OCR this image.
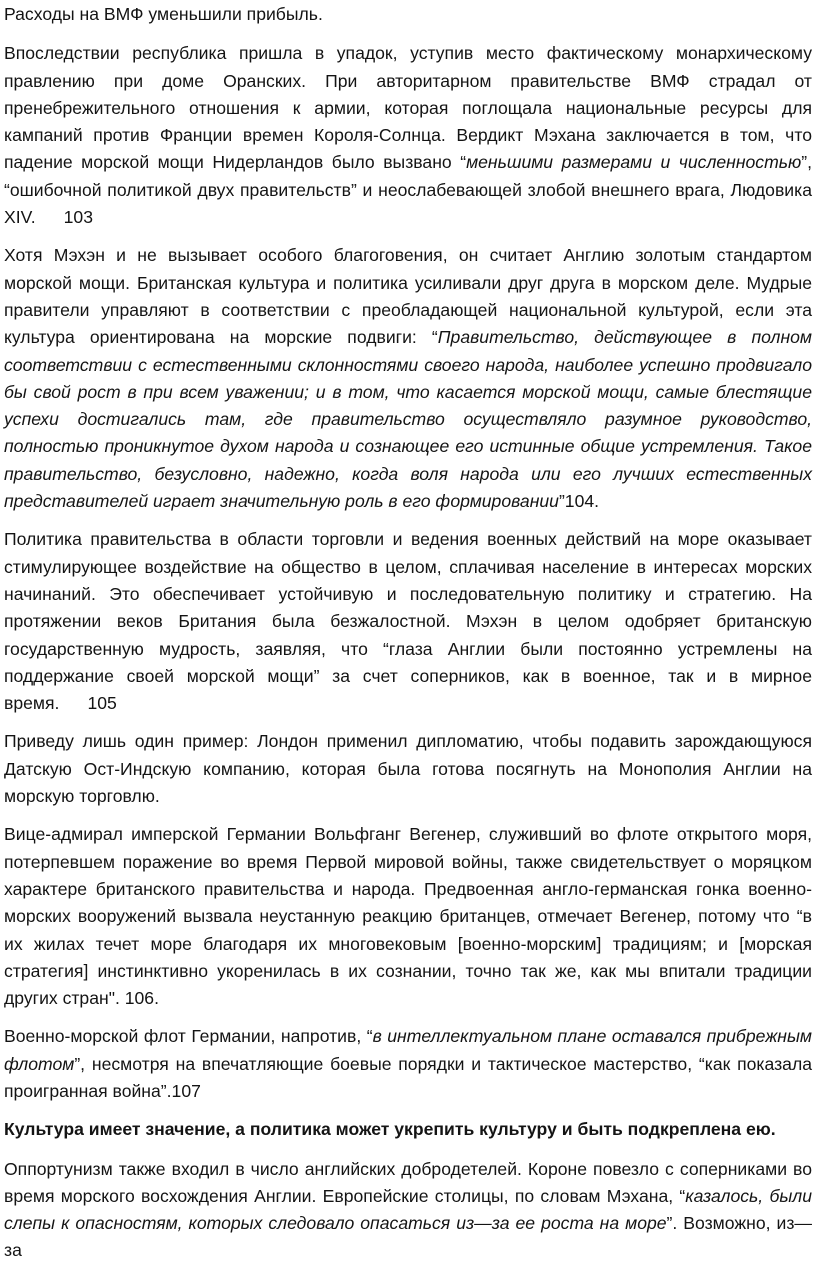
Расходы на ВМФ уменьшили прибыль.

Впоследствии республика пришла в упадок, уступив место фактическому монархическому правлению при доме Оранских. При авторитарном правительстве ВМФ страдал от пренебрежительного отношения к армии, которая поглощала национальные ресурсы для кампаний против Франции времен Короля-Солнца. Вердикт Мэхана заключается в том, что падение морской мощи Нидерландов было вызвано “меньшими размерами и численностью”, “ошибочной политикой двух правительств” и неослабевающей злобой внешнего врага, Людовика XIV. 103

Хотя Мэхэн и не вызывает особого благоговения, он считает Англию золотым стандартом морской мощи. Британская культура и политика усиливали друг друга в морском деле. Мудрые правители управляют в соответствии с преобладающей национальной культурой, если эта культура ориентирована на морские подвиги: “Правительство, действующее в полном соответствии с естественными склонностями своего народа, наиболее успешно продвигало бы свой рост в при всем уважении; и в том, что касается морской мощи, самые блестящие успехи достигались там, где правительство осуществляло разумное руководство, полностью проникнутое духом народа и сознающее его истинные общие устремления. Такое правительство, безусловно, надежно, когда воля народа или его лучших естественных представителей играет значительную роль в его формировании”104.

Политика правительства в области торговли и ведения военных действий на море оказывает стимулирующее воздействие на общество в целом, сплачивая население в интересах морских начинаний. Это обеспечивает устойчивую и последовательную политику и стратегию. На протяжении веков Британия была безжалостной. Мэхэн в целом одобряет британскую государственную мудрость, заявляя, что “глаза Англии были постоянно устремлены на поддержание своей морской мощи” за счет соперников, как в военное, так и в мирное время. 105

Приведу лишь один пример: Лондон применил дипломатию, чтобы подавить зарождающуюся Датскую Ост-Индскую компанию, которая была готова посягнуть на Монополия Англии на морскую торговлю.

Вице-адмирал имперской Германии Вольфганг Вегенер, служивший во флоте открытого моря, потерпевшем поражение во время Первой мировой войны, также свидетельствует о моряцком характере британского правительства и народа. Предвоенная англо-германская гонка военно-морских вооружений вызвала неустанную реакцию британцев, отмечает Вегенер, потому что “в их жилах течет море благодаря их многовековым [военно-морским] традициям; и [морская стратегия] инстинктивно укоренилась в их сознании, точно так же, как мы впитали традиции других стран". 106.

Военно-морской флот Германии, напротив, “в интеллектуальном плане оставался прибрежным флотом”, несмотря на впечатляющие боевые порядки и тактическое мастерство, “как показала проигранная война”.107

Культура имеет значение, а политика может укрепить культуру и быть подкреплена ею.

Оппортунизм также входил в число английских добродетелей. Короне повезло с соперниками во время морского восхождения Англии. Европейские столицы, по словам Мэхана, “казалось, были слепы к опасностям, которых следовало опасаться из—за ее роста на море”. Возможно, из—за
